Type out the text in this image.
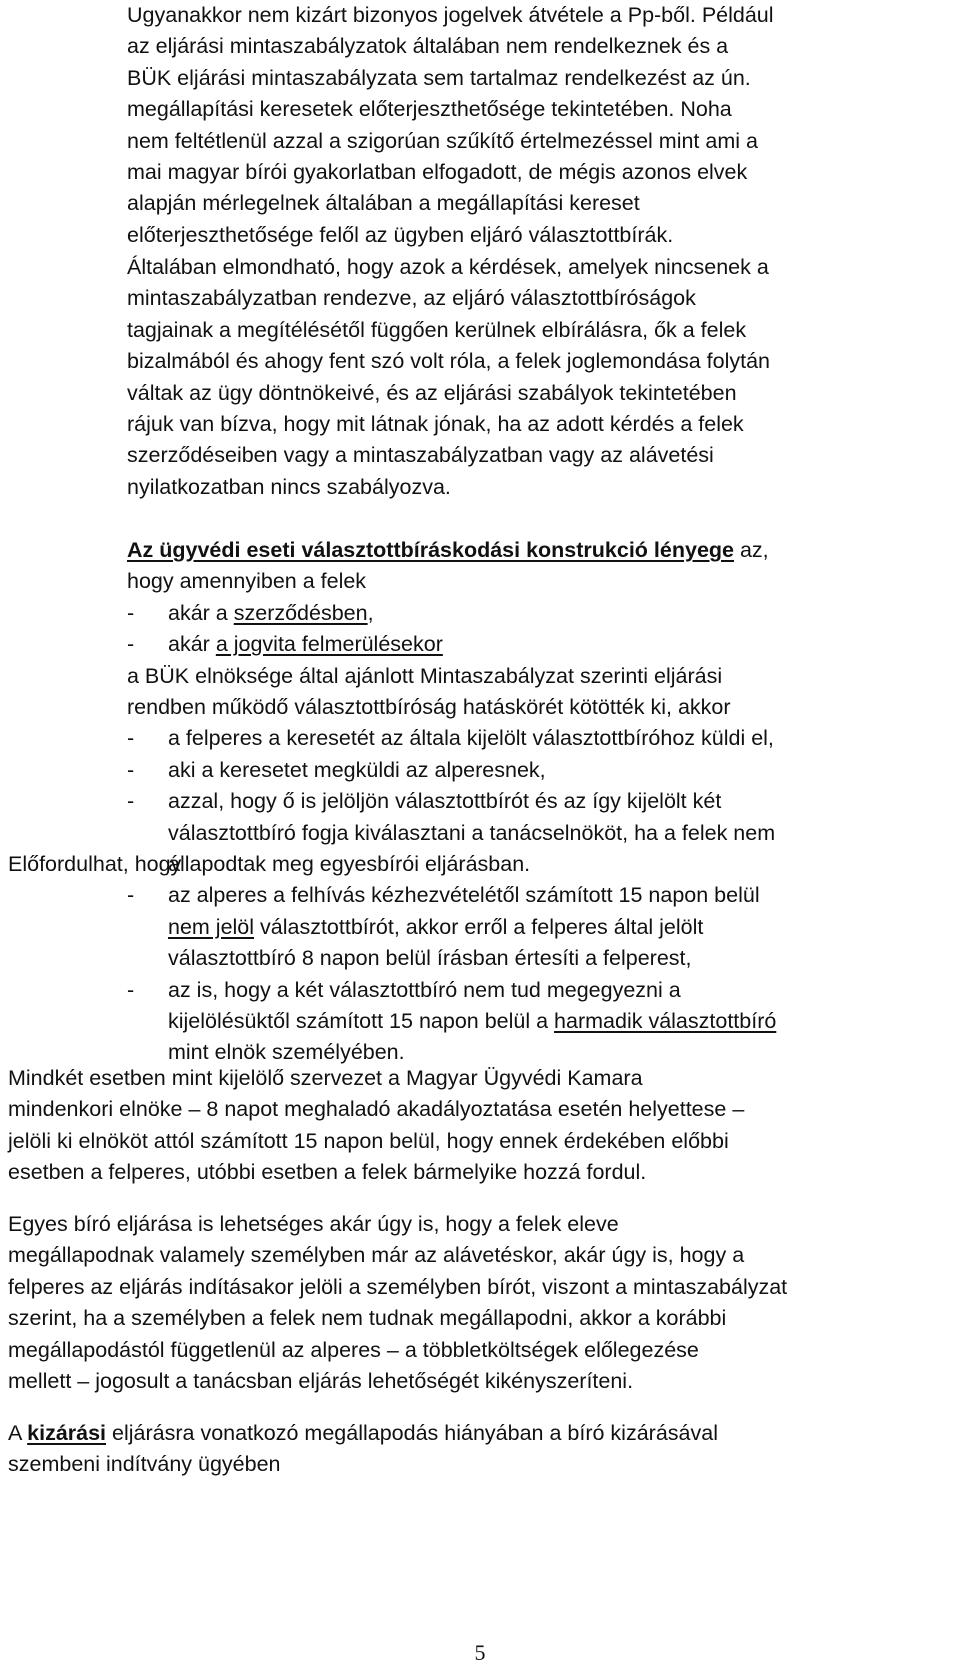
Ugyanakkor nem kizárt bizonyos jogelvek átvétele a Pp-ből. Például
az eljárási mintaszabályzatok általában nem rendelkeznek és a
BÜK eljárási mintaszabályzata sem tartalmaz rendelkezést az ún.
megállapítási keresetek előterjeszthetősége tekintetében. Noha
nem feltétlenül azzal a szigorúan szűkítő értelmezéssel mint ami a
mai magyar bírói gyakorlatban elfogadott, de mégis azonos elvek
alapján mérlegelnek általában a megállapítási kereset
előterjeszthetősége felől az ügyben eljáró választottbírák.

Általában elmondható, hogy azok a kérdések, amelyek nincsenek a
mintaszabályzatban rendezve, az eljáró választottbíróságok
tagjainak a megítélésétől függően kerülnek elbírálásra, ők a felek
bizalmából és ahogy fent szó volt róla, a felek joglemondása folytán
váltak az ügy döntnökeivé, és az eljárási szabályok tekintetében
rájuk van bízva, hogy mit látnak jónak, ha az adott kérdés a felek
szerződéseiben vagy a mintaszabályzatban vagy az alávetési
nyilatkozatban nincs szabályozva.

Az ügyvédi eseti választottbíráskodási konstrukció lényege az,
hogy amennyiben a felek
- akár a szerződésben,
- akár a jogvita felmerülésekor

a BÜK elnöksége által ajánlott Mintaszabályzat szerinti eljárási
rendben működő választottbíróság hatáskörét kötötték ki, akkor

- a felperes a keresetét az általa kijelölt választottbíróhoz küldi el,
- aki a keresetet megküldi az alperesnek,
- azzal, hogy ő is jelöljön választottbírót és az így kijelölt két
választottbíró fogja kiválasztani a tanácselnököt, ha a felek nem
állapodtak meg egyesbírói eljárásban.
Előfordulhat, hogy
- az alperes a felhívás kézhezvételétől számított 15 napon belül
nem jelöl választottbírót, akkor erről a felperes által jelölt
választottbíró 8 napon belül írásban értesíti a felperest,
- az is, hogy a két választottbíró nem tud megegyezni a
kijelölésüktől számított 15 napon belül a harmadik választottbíró
mint elnök személyében.

Mindkét esetben mint kijelölő szervezet a Magyar Ügyvédi Kamara
mindenkori elnöke – 8 napot meghaladó akadályoztatása esetén helyettese –
jelöli ki elnököt attól számított 15 napon belül, hogy ennek érdekében előbbi
esetben a felperes, utóbbi esetben a felek bármelyike hozzá fordul.

Egyes bíró eljárása is lehetséges akár úgy is, hogy a felek eleve
megállapodnak valamely személyben már az alávetéskor, akár úgy is, hogy a
felperes az eljárás indításakor jelöli a személyben bírót, viszont a mintaszabályzat
szerint, ha a személyben a felek nem tudnak megállapodni, akkor a korábbi
megállapodástól függetlenül az alperes – a többletköltségek előlegezése
mellett – jogosult a tanácsban eljárás lehetőségét kikényszeríteni.

A kizárási eljárásra vonatkozó megállapodás hiányában a bíró kizárásával
szembeni indítvány ügyében

5
